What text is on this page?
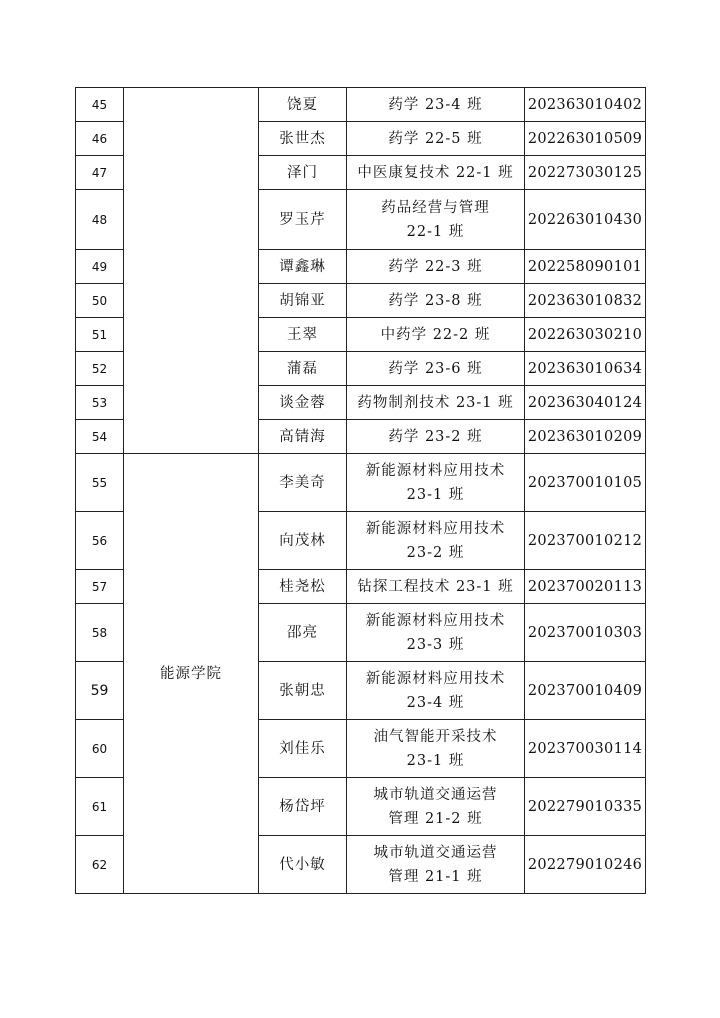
45		饶夏	药学 23-4 班	202363010402
46		张世杰	药学 22-5 班	202263010509
47		泽门	中医康复技术 22-1 班	202273030125
48		罗玉芹	药品经营与管理
22-1 班	202263010430
49		谭鑫琳	药学 22-3 班	202258090101
50		胡锦亚	药学 23-8 班	202363010832
51		王翠	中药学 22-2 班	202263030210
52		蒲磊	药学 23-6 班	202363010634
53		谈金蓉	药物制剂技术 23-1 班	202363040124
54		高锖海	药学 23-2 班	202363010209
55	能源学院	李美奇	新能源材料应用技术
23-1 班	202370010105
56		向茂林	新能源材料应用技术
23-2 班	202370010212
57		桂尧松	钻探工程技术 23-1 班	202370020113
58		邵亮	新能源材料应用技术
23-3 班	202370010303
59		张朝忠	新能源材料应用技术
23-4 班	202370010409
60		刘佳乐	油气智能开采技术
23-1 班	202370030114
61		杨岱坪	城市轨道交通运营
管理 21-2 班	202279010335
62		代小敏	城市轨道交通运营
管理 21-1 班	202279010246
